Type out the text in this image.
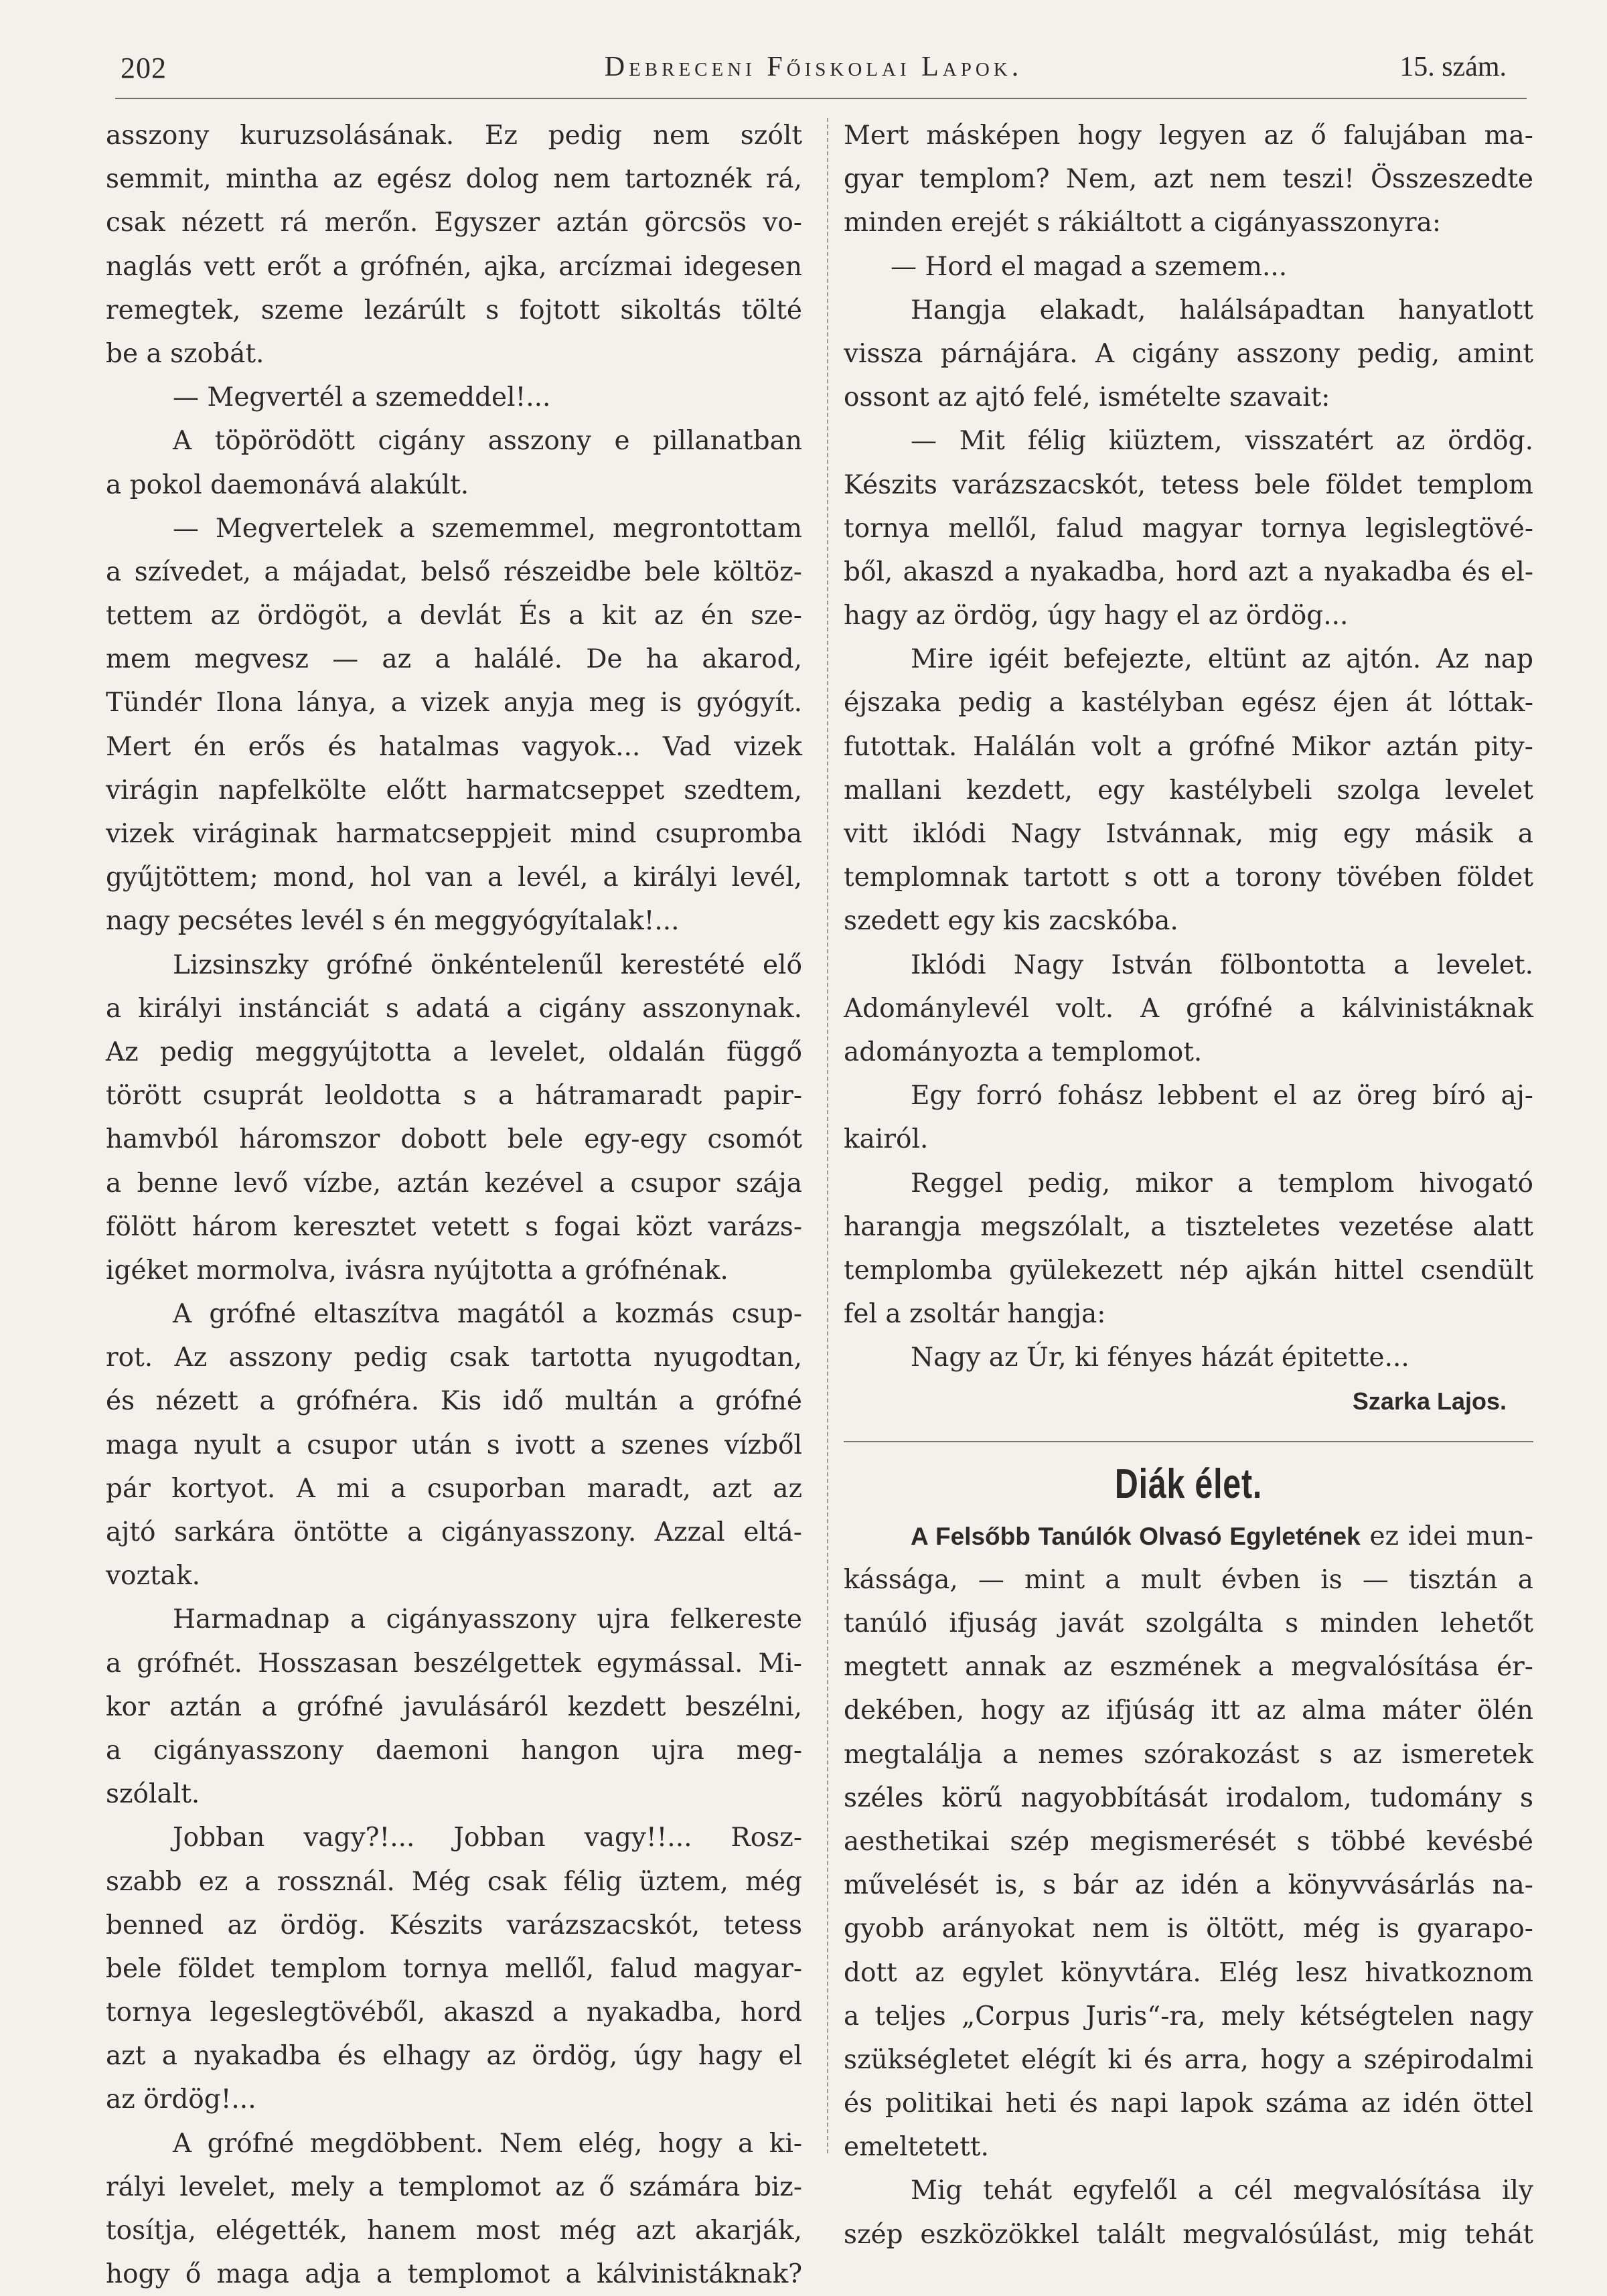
202	Debreceni Főiskolai Lapok.	15. szám.
asszony kuruzsolásának. Ez pedig nem szólt
semmit, mintha az egész dolog nem tartoznék rá,
csak nézett rá merőn. Egyszer aztán görcsös vo-
naglás vett erőt a grófnén, ajka, arcízmai idegesen
remegtek, szeme lezárúlt s fojtott sikoltás tölté
be a szobát.
— Megvertél a szemeddel!...
A töpörödött cigány asszony e pillanatban
a pokol daemonává alakúlt.
— Megvertelek a szememmel, megrontottam
a szívedet, a májadat, belső részeidbe bele költöz-
tettem az ördögöt, a devlát És a kit az én sze-
mem megvesz — az a halálé. De ha akarod,
Tündér Ilona lánya, a vizek anyja meg is gyógyít.
Mert én erős és hatalmas vagyok... Vad vizek
virágin napfelkölte előtt harmatcseppet szedtem,
vizek viráginak harmatcseppjeit mind csupromba
gyűjtöttem; mond, hol van a levél, a királyi levél,
nagy pecsétes levél s én meggyógyítalak!...
Lizsinszky grófné önkéntelenűl kerestété elő
a királyi instánciát s adatá a cigány asszonynak.
Az pedig meggyújtotta a levelet, oldalán függő
törött csuprát leoldotta s a hátramaradt papir-
hamvból háromszor dobott bele egy-egy csomót
a benne levő vízbe, aztán kezével a csupor szája
fölött három keresztet vetett s fogai közt varázs-
igéket mormolva, ivásra nyújtotta a grófnénak.
A grófné eltaszítva magától a kozmás csup-
rot. Az asszony pedig csak tartotta nyugodtan,
és nézett a grófnéra. Kis idő multán a grófné
maga nyult a csupor után s ivott a szenes vízből
pár kortyot. A mi a csuporban maradt, azt az
ajtó sarkára öntötte a cigányasszony. Azzal eltá-
voztak.
Harmadnap a cigányasszony ujra felkereste
a grófnét. Hosszasan beszélgettek egymással. Mi-
kor aztán a grófné javulásáról kezdett beszélni,
a cigányasszony daemoni hangon ujra meg-
szólalt.
Jobban vagy?!... Jobban vagy!!... Rosz-
szabb ez a rossznál. Még csak félig üztem, még
benned az ördög. Készits varázszacskót, tetess
bele földet templom tornya mellől, falud magyar-
tornya legeslegtövéből, akaszd a nyakadba, hord
azt a nyakadba és elhagy az ördög, úgy hagy el
az ördög!...
A grófné megdöbbent. Nem elég, hogy a ki-
rályi levelet, mely a templomot az ő számára biz-
tosítja, elégették, hanem most még azt akarják,
hogy ő maga adja a templomot a kálvinistáknak?
Mert másképen hogy legyen az ő falujában ma-
gyar templom? Nem, azt nem teszi! Összeszedte
minden erejét s rákiáltott a cigányasszonyra:
— Hord el magad a szemem...
Hangja elakadt, halálsápadtan hanyatlott
vissza párnájára. A cigány asszony pedig, amint
ossont az ajtó felé, ismételte szavait:
— Mit félig kiüztem, visszatért az ördög.
Készits varázszacskót, tetess bele földet templom
tornya mellől, falud magyar tornya legislegtövé-
ből, akaszd a nyakadba, hord azt a nyakadba és el-
hagy az ördög, úgy hagy el az ördög...
Mire igéit befejezte, eltünt az ajtón. Az nap
éjszaka pedig a kastélyban egész éjen át lóttak-
futottak. Halálán volt a grófné Mikor aztán pity-
mallani kezdett, egy kastélybeli szolga levelet
vitt iklódi Nagy Istvánnak, mig egy másik a
templomnak tartott s ott a torony tövében földet
szedett egy kis zacskóba.
Iklódi Nagy István fölbontotta a levelet.
Adománylevél volt. A grófné a kálvinistáknak
adományozta a templomot.
Egy forró fohász lebbent el az öreg bíró aj-
kairól.
Reggel pedig, mikor a templom hivogató
harangja megszólalt, a tiszteletes vezetése alatt
templomba gyülekezett nép ajkán hittel csendült
fel a zsoltár hangja:
Nagy az Úr, ki fényes házát épitette...
Szarka Lajos.
Diák élet.
A Felsőbb Tanúlók Olvasó Egyletének ez idei mun-
kássága, — mint a mult évben is — tisztán a
tanúló ifjuság javát szolgálta s minden lehetőt
megtett annak az eszmének a megvalósítása ér-
dekében, hogy az ifjúság itt az alma máter ölén
megtalálja a nemes szórakozást s az ismeretek
széles körű nagyobbítását irodalom, tudomány s
aesthetikai szép megismerését s többé kevésbé
művelését is, s bár az idén a könyvvásárlás na-
gyobb arányokat nem is öltött, még is gyarapo-
dott az egylet könyvtára. Elég lesz hivatkoznom
a teljes „Corpus Juris“-ra, mely kétségtelen nagy
szükségletet elégít ki és arra, hogy a szépirodalmi
és politikai heti és napi lapok száma az idén öttel
emeltetett.
Mig tehát egyfelől a cél megvalósítása ily
szép eszközökkel talált megvalósúlást, mig tehát
